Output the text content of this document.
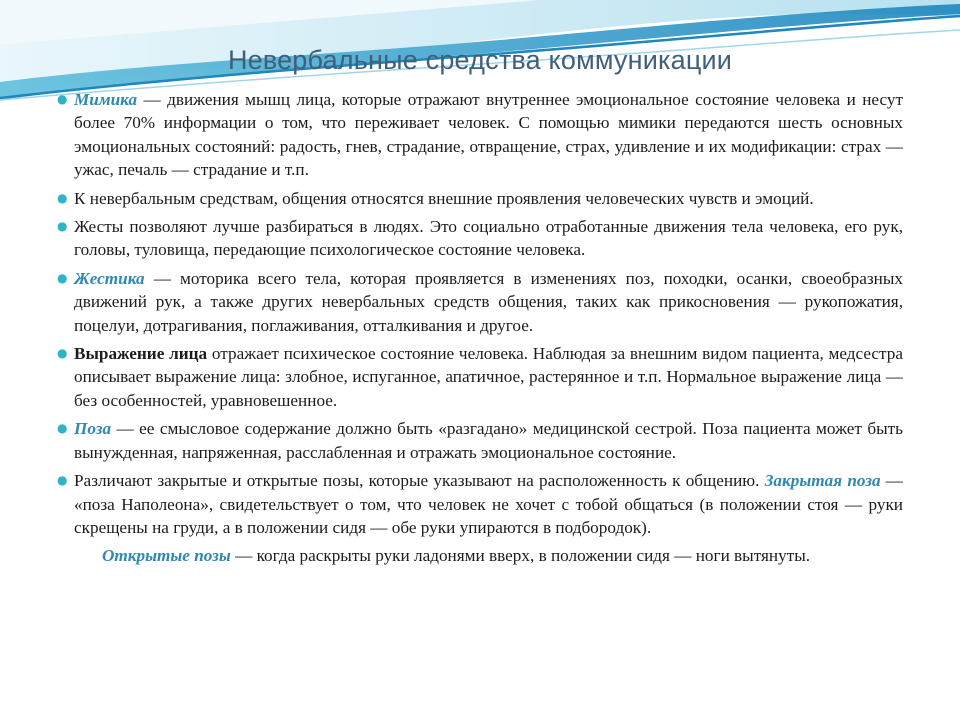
Невербальные средства коммуникации
● Мимика — движения мышц лица, которые отражают внутреннее эмоциональное состояние человека и несут более 70% информации о том, что переживает человек. С помощью мимики передаются шесть основных эмоциональных состояний: радость, гнев, страдание, отвращение, страх, удивление и их модификации: страх — ужас, печаль — страдание и т.п.
● К невербальным средствам, общения относятся внешние проявления человеческих чувств и эмоций.
● Жесты позволяют лучше разбираться в людях. Это социально отработанные движения тела человека, его рук, головы, туловища, передающие психологическое состояние человека.
● Жестика — моторика всего тела, которая проявляется в изменениях поз, походки, осанки, своеобразных движений рук, а также других невербальных средств общения, таких как прикосновения — рукопожатия, поцелуи, дотрагивания, поглаживания, отталкивания и другое.
● Выражение лица отражает психическое состояние человека. Наблюдая за внешним видом пациента, медсестра описывает выражение лица: злобное, испуганное, апатичное, растерянное и т.п. Нормальное выражение лица — без особенностей, уравновешенное.
● Поза — ее смысловое содержание должно быть «разгадано» медицинской сестрой. Поза пациента может быть вынужденная, напряженная, расслабленная и отражать эмоциональное состояние.
● Различают закрытые и открытые позы, которые указывают на расположенность к общению. Закрытая поза — «поза Наполеона», свидетельствует о том, что человек не хочет с тобой общаться (в положении стоя — руки скрещены на груди, а в положении сидя — обе руки упираются в подбородок).
Открытые позы — когда раскрыты руки ладонями вверх, в положении сидя — ноги вытянуты.
